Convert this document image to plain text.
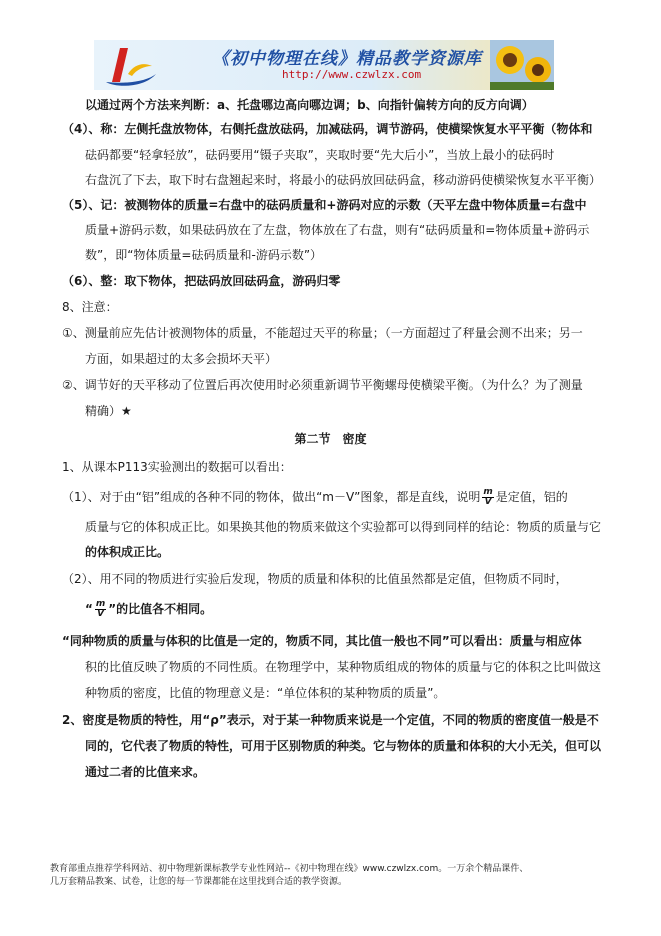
《初中物理在线》精品教学资源库
http://www.czwlzx.com
以通过两个方法来判断：a、托盘哪边高向哪边调；b、向指针偏转方向的反方向调）
（4）、称：左侧托盘放物体，右侧托盘放砝码，加减砝码，调节游码，使横梁恢复水平平衡（物体和
砝码都要“轻拿轻放”，砝码要用“镊子夹取”，夹取时要“先大后小”，当放上最小的砝码时
右盘沉了下去，取下时右盘翘起来时，将最小的砝码放回砝码盒，移动游码使横梁恢复水平平衡）
（5）、记：被测物体的质量=右盘中的砝码质量和+游码对应的示数（天平左盘中物体质量=右盘中
质量+游码示数，如果砝码放在了左盘，物体放在了右盘，则有“砝码质量和=物体质量+游码示
数”，即“物体质量=砝码质量和-游码示数”）
（6）、整：取下物体，把砝码放回砝码盒，游码归零
8、注意：
①、测量前应先估计被测物体的质量，不能超过天平的称量；（一方面超过了秤量会测不出来；另一
方面，如果超过的太多会损坏天平）
②、调节好的天平移动了位置后再次使用时必须重新调节平衡螺母使横梁平衡。（为什么？为了测量
精确）★
第二节　密度
1、从课本P113实验测出的数据可以看出：
（1）、对于由“铝”组成的各种不同的物体，做出“m－V”图象，都是直线，说明 $\frac{m}{V}$ 是定值，铝的
质量与它的体积成正比。如果换其他的物质来做这个实验都可以得到同样的结论：物质的质量与它
的体积成正比。
（2）、用不同的物质进行实验后发现，物质的质量和体积的比值虽然都是定值，但物质不同时，
“ $\frac{m}{V}$ ”的比值各不相同。
“同种物质的质量与体积的比值是一定的，物质不同，其比值一般也不同”可以看出：质量与相应体
积的比值反映了物质的不同性质。在物理学中，某种物质组成的物体的质量与它的体积之比叫做这
种物质的密度，比值的物理意义是：“单位体积的某种物质的质量”。
2、密度是物质的特性，用“ρ”表示，对于某一种物质来说是一个定值，不同的物质的密度值一般是不
同的，它代表了物质的特性，可用于区别物质的种类。它与物体的质量和体积的大小无关，但可以
通过二者的比值来求。
教育部重点推荐学科网站、初中物理新课标教学专业性网站--《初中物理在线》www.czwlzx.com。一万余个精品课件、
几万套精品教案、试卷，让您的每一节课都能在这里找到合适的教学资源。
